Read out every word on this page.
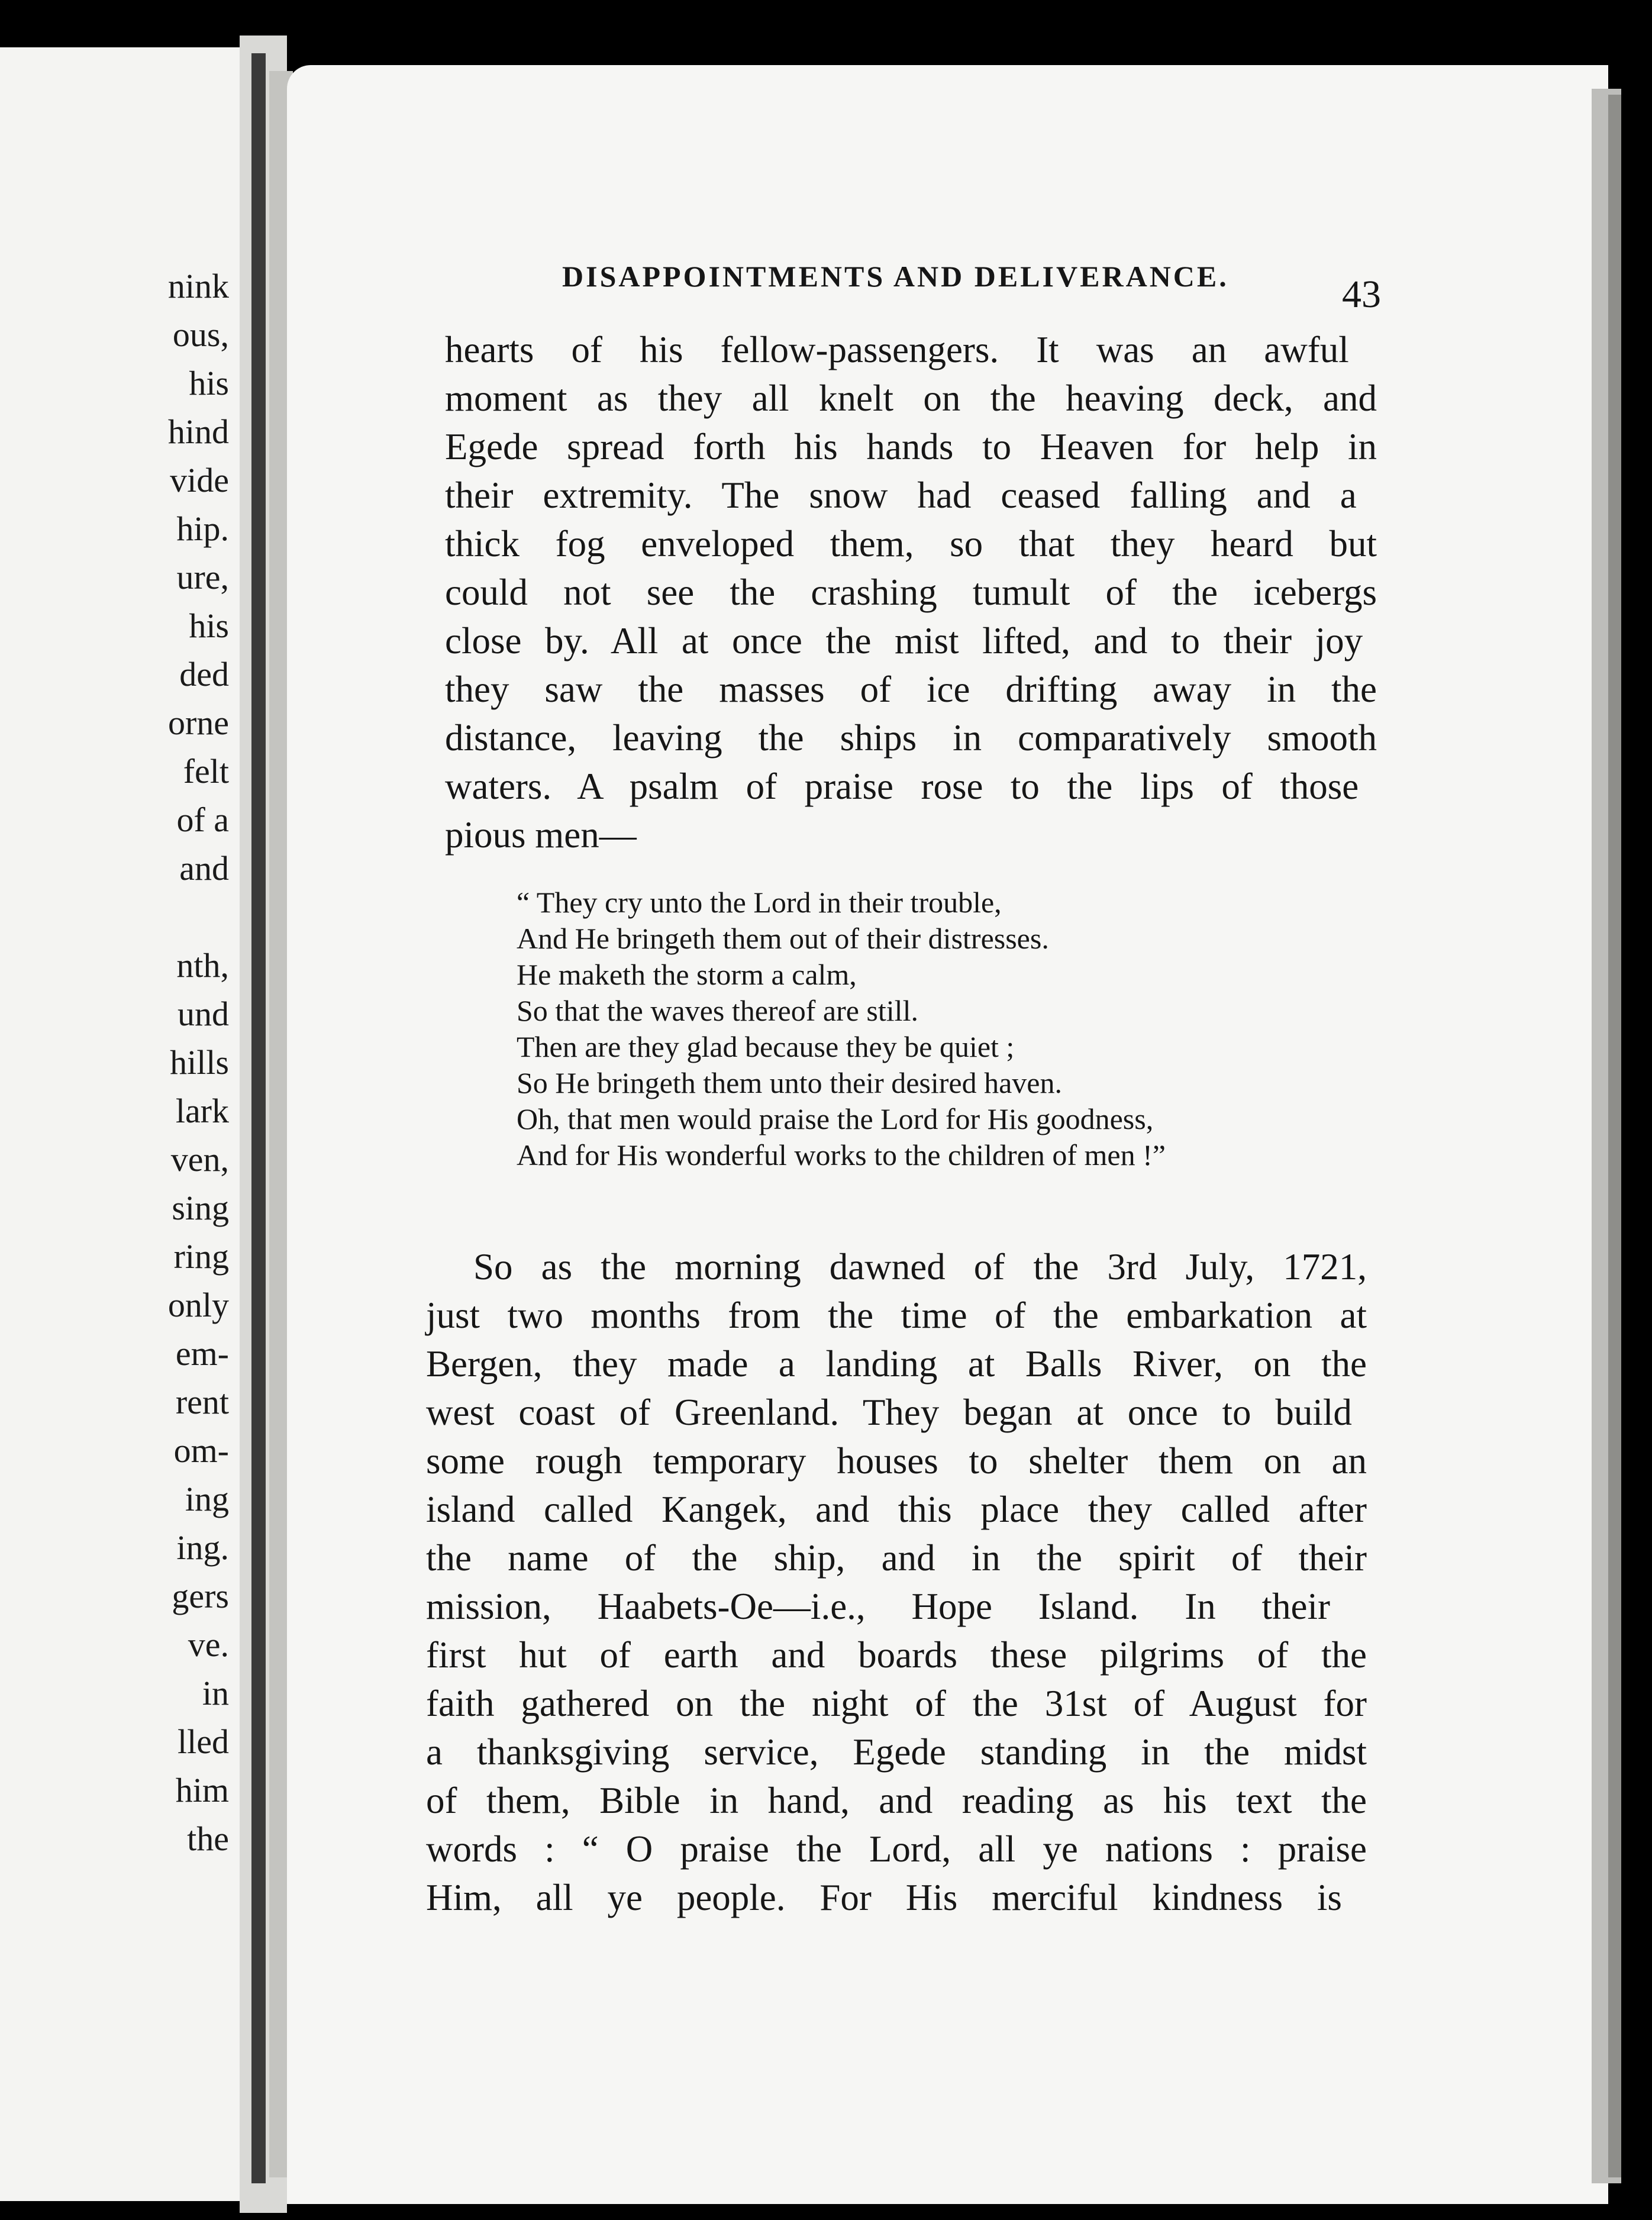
nink
ous,
his
hind
vide
hip.
ure,
his
ded
orne
felt
of a
and
nth,
und
hills
lark
ven,
sing
ring
only
em-
rent
om-
ing
ing.
gers
ve.
in
lled
him
the
DISAPPOINTMENTS AND DELIVERANCE.	43
hearts of his fellow-passengers. It was an awful
moment as they all knelt on the heaving deck, and
Egede spread forth his hands to Heaven for help in
their extremity. The snow had ceased falling and a
thick fog enveloped them, so that they heard but
could not see the crashing tumult of the icebergs
close by. All at once the mist lifted, and to their joy
they saw the masses of ice drifting away in the
distance, leaving the ships in comparatively smooth
waters. A psalm of praise rose to the lips of those
pious men—
“ They cry unto the Lord in their trouble,
And He bringeth them out of their distresses.
He maketh the storm a calm,
So that the waves thereof are still.
Then are they glad because they be quiet ;
So He bringeth them unto their desired haven.
Oh, that men would praise the Lord for His goodness,
And for His wonderful works to the children of men !”
So as the morning dawned of the 3rd July, 1721,
just two months from the time of the embarkation at
Bergen, they made a landing at Balls River, on the
west coast of Greenland. They began at once to build
some rough temporary houses to shelter them on an
island called Kangek, and this place they called after
the name of the ship, and in the spirit of their
mission, Haabets-Oe—i.e., Hope Island. In their
first hut of earth and boards these pilgrims of the
faith gathered on the night of the 31st of August for
a thanksgiving service, Egede standing in the midst
of them, Bible in hand, and reading as his text the
words : “ O praise the Lord, all ye nations : praise
Him, all ye people. For His merciful kindness is
